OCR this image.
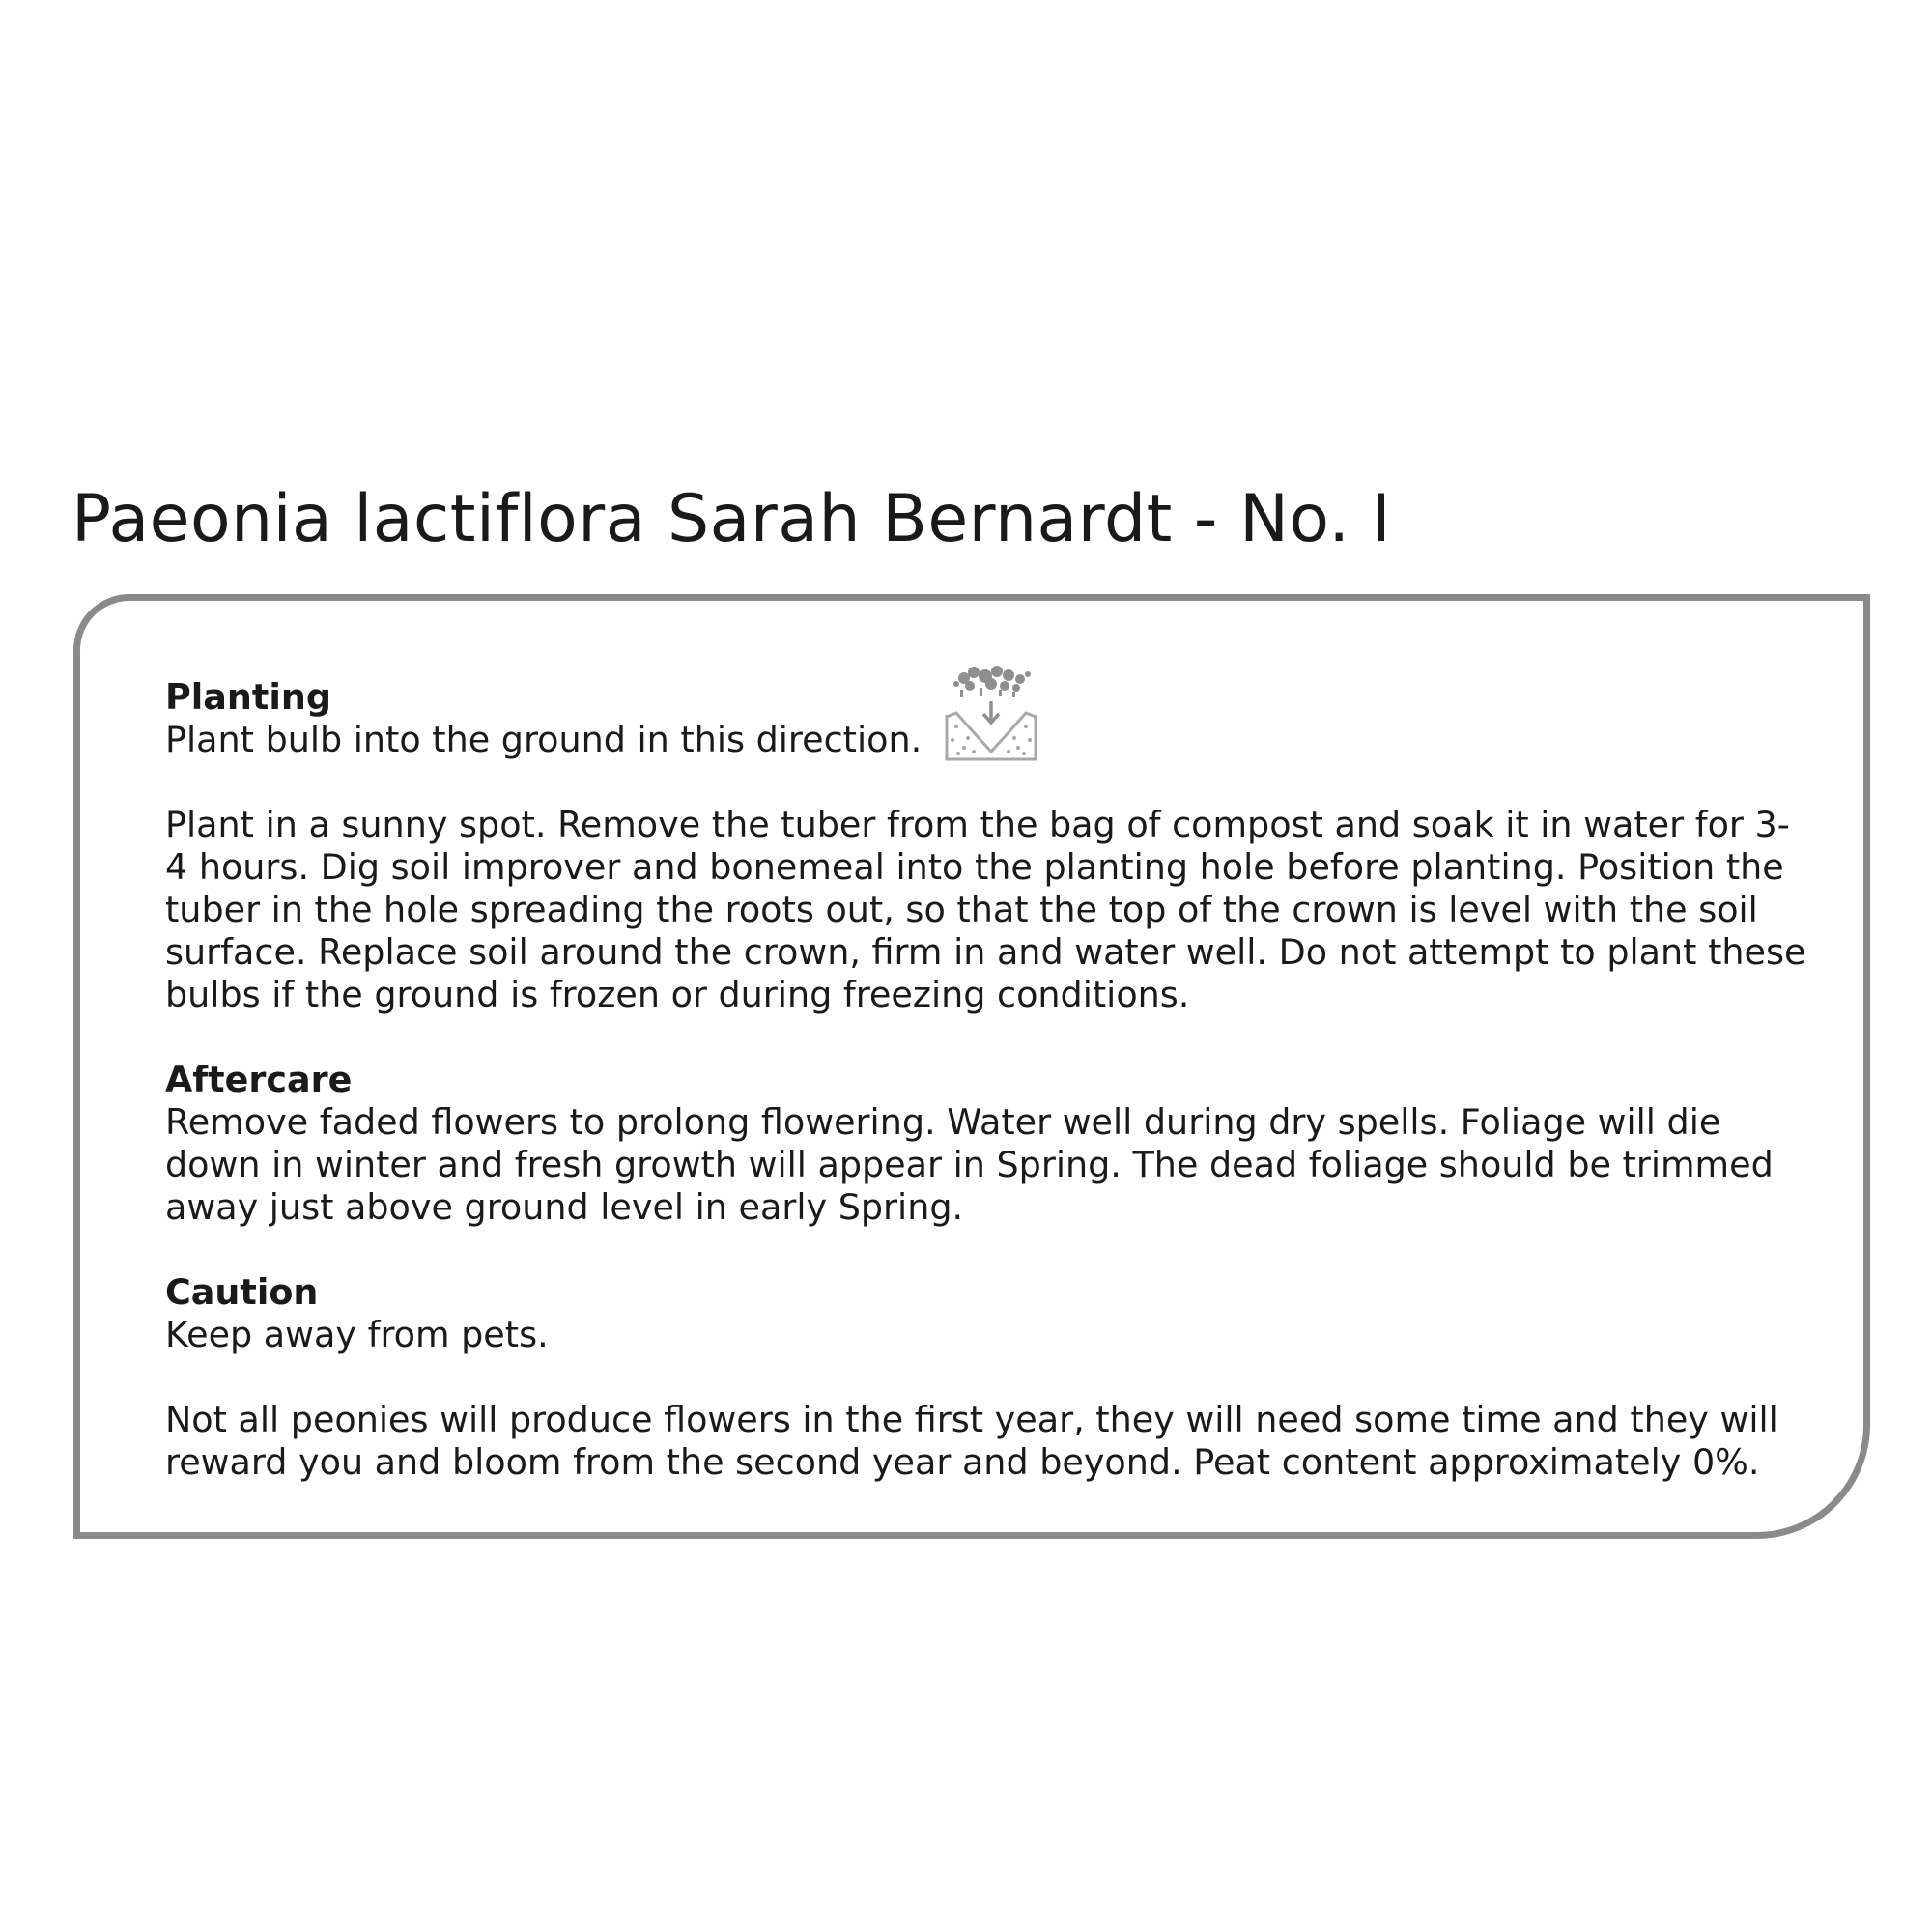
Paeonia lactiflora Sarah Bernardt - No. I

Planting

Plant bulb into the ground in this direction.

Plant in a sunny spot. Remove the tuber from the bag of compost and soak it in water for 3-4 hours. Dig soil improver and bonemeal into the planting hole before planting. Position the tuber in the hole spreading the roots out, so that the top of the crown is level with the soil surface. Replace soil around the crown, firm in and water well. Do not attempt to plant these bulbs if the ground is frozen or during freezing conditions.

Aftercare

Remove faded flowers to prolong flowering. Water well during dry spells. Foliage will die down in winter and fresh growth will appear in Spring. The dead foliage should be trimmed away just above ground level in early Spring.

Caution

Keep away from pets.

Not all peonies will produce flowers in the first year, they will need some time and they will reward you and bloom from the second year and beyond. Peat content approximately 0%.
